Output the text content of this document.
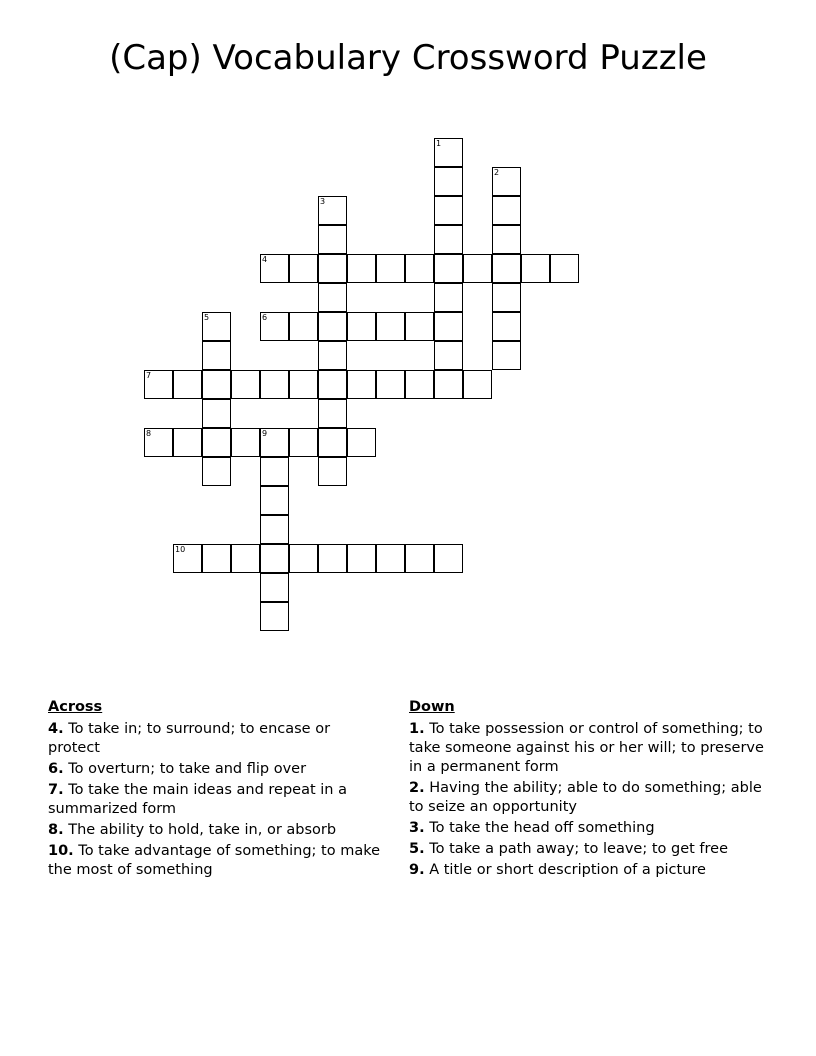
(Cap) Vocabulary Crossword Puzzle
1
2
3
4
5	6
7
8	9
10
Across
4. To take in; to surround; to encase or protect
6. To overturn; to take and flip over
7. To take the main ideas and repeat in a summarized form
8. The ability to hold, take in, or absorb
10. To take advantage of something; to make the most of something
Down
1. To take possession or control of something; to take someone against his or her will; to preserve in a permanent form
2. Having the ability; able to do something; able to seize an opportunity
3. To take the head off something
5. To take a path away; to leave; to get free
9. A title or short description of a picture
